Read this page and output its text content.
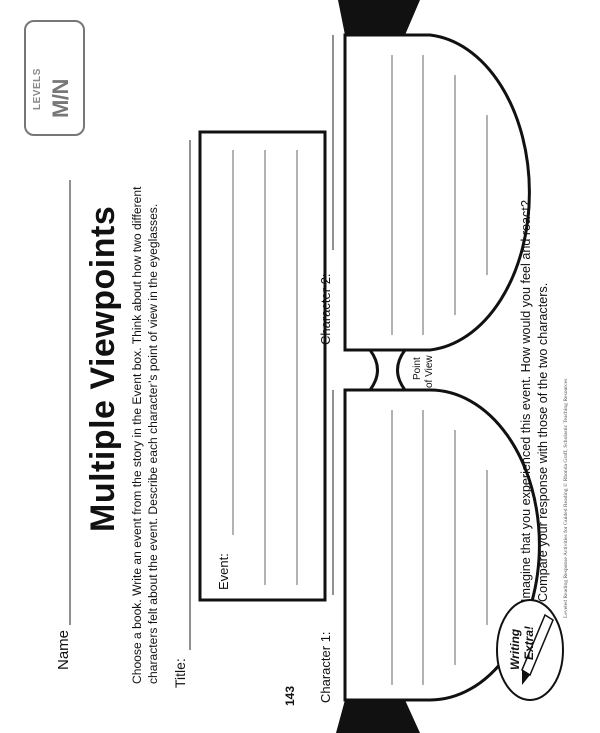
LEVELS M/N
Name
Multiple Viewpoints Choose a book. Write an event from the story in the Event box. Think about how two different characters felt about the event. Describe each character’s point of view in the eyeglasses. Title:
Event:
Character 1:
Character 2:
Point of View
Writing Extra!
Imagine that you experienced this event. How would you feel and react? Compare your response with those of the two characters. Leveled Reading Response Activities for Guided Reading © Rhonda Graff, Scholastic Teaching Resources
143
